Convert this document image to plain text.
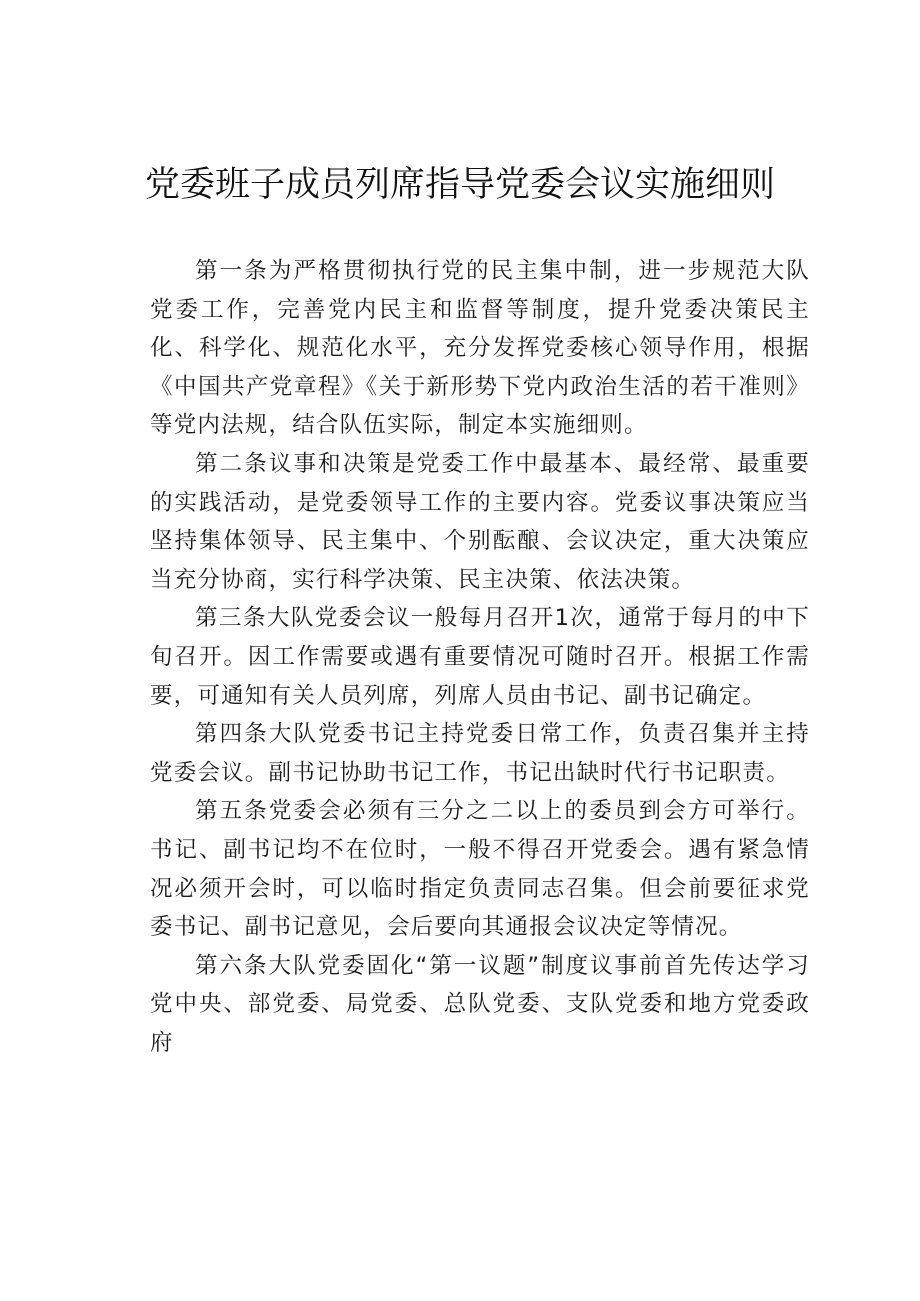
党委班子成员列席指导党委会议实施细则

第一条为严格贯彻执行党的民主集中制，进一步规范大队党委工作，完善党内民主和监督等制度，提升党委决策民主化、科学化、规范化水平，充分发挥党委核心领导作用，根据《中国共产党章程》《关于新形势下党内政治生活的若干准则》等党内法规，结合队伍实际，制定本实施细则。

第二条议事和决策是党委工作中最基本、最经常、最重要的实践活动，是党委领导工作的主要内容。党委议事决策应当坚持集体领导、民主集中、个别酝酿、会议决定，重大决策应当充分协商，实行科学决策、民主决策、依法决策。

第三条大队党委会议一般每月召开1次，通常于每月的中下旬召开。因工作需要或遇有重要情况可随时召开。根据工作需要，可通知有关人员列席，列席人员由书记、副书记确定。

第四条大队党委书记主持党委日常工作，负责召集并主持党委会议。副书记协助书记工作，书记出缺时代行书记职责。

第五条党委会必须有三分之二以上的委员到会方可举行。书记、副书记均不在位时，一般不得召开党委会。遇有紧急情况必须开会时，可以临时指定负责同志召集。但会前要征求党委书记、副书记意见，会后要向其通报会议决定等情况。

第六条大队党委固化“第一议题”制度议事前首先传达学习党中央、部党委、局党委、总队党委、支队党委和地方党委政府
